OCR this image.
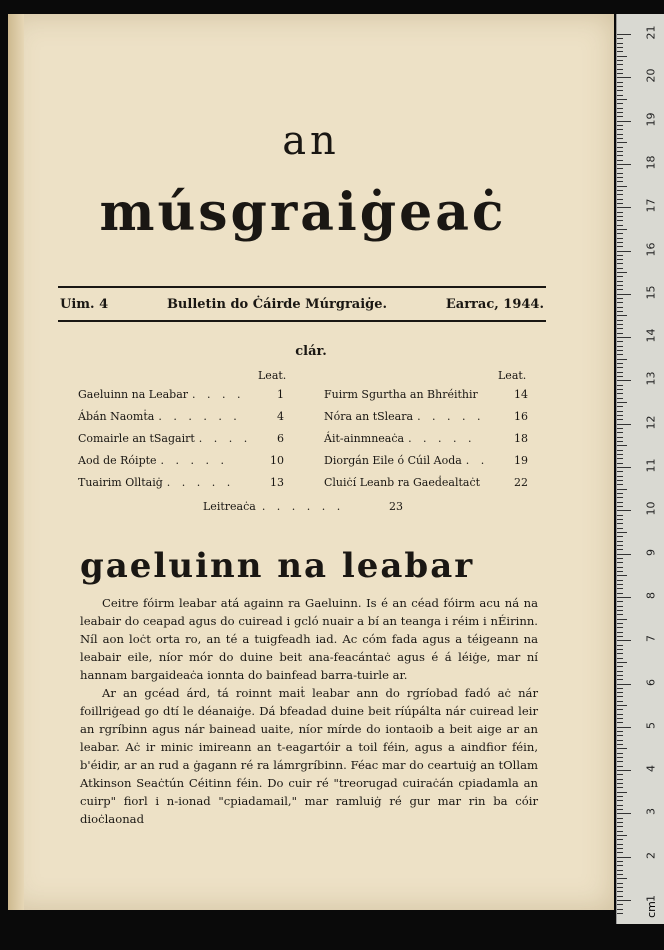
cm
21
20
19
18
17
16
15
14
13
12
11
10
9
8
7
6
5
4
3
2
1
an
músgraiġeaċ
Uim. 4	Bulletin do Ċáirde Múrgraiġe.	Earrac, 1944.
clár.
Leat.	Leat.
Gaeluinn na Leabar . . . .	1
Ábán Naomṫa . . . . . .	4
Comairle an tSagairt . . . .	6
Aod de Róipte . . . . .	10
Tuairim Olltaiġ . . . . .	13
Fuirm Sgurtha an Bhréithir	14
Nóra an tSleara . . . . .	16
Áit-ainmneaċa . . . . .	18
Diorgán Eile ó Cúil Aoda . .	19
Cluiċí Leanb ra Gaeḋealtaċt	22
Leitreaċa . . . . . .	23
gaeluinn na leabar

Ceitre fóirm leabar atá againn ra Gaeluinn. Is é an céad fóirm acu ná na leabair do ceapad agus do cuiread i gcló nuair a bí an teanga i réim i nÉirinn. Níl aon loċt orta ro, an té a tuigfeadh iad. Ac cóm fada agus a téigeann na leabair eile, níor mór do duine beit ana-feacántaċ agus é á léiġe, mar ní hannam bargaideaċa ionnta do bainfead barra-tuirle ar.

Ar an gcéad árd, tá roinnt maiṫ leabar ann do rgríobad fadó aċ nár foillriġead go dtí le déanaiġe. Dá bfeadad duine beit ríúpálta nár cuiread leir an rgríbinn agus nár bainead uaite, níor mírde do iontaoib a beit aige ar an leabar. Aċ ir minic imireann an t-eagartóir a toil féin, agus a aindfior féin, b'éidir, ar an rud a ġagann ré ra lámrgríbinn. Féac mar do ceartuiġ an tOllam Atkinson Seaċtún Céitinn féin. Do cuir ré "treorugad cuiraċán cpiadamla an cuirp" fiorl i n-ionad "cpiadamail," mar ramluiġ ré gur mar rin ba cóir dioċlaonad
